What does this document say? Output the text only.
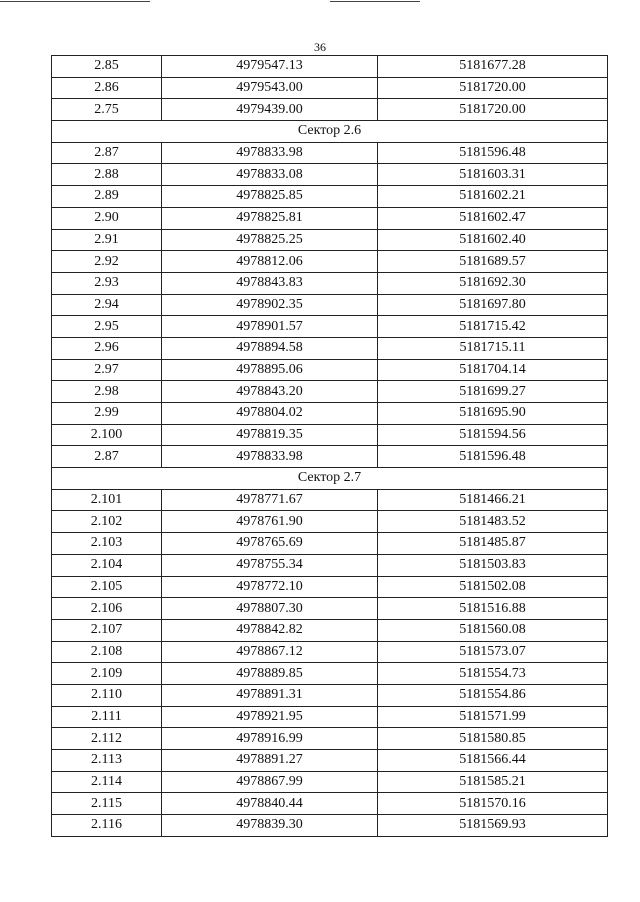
36
2.85	4979547.13	5181677.28
2.86	4979543.00	5181720.00
2.75	4979439.00	5181720.00
Сектор 2.6		
2.87	4978833.98	5181596.48
2.88	4978833.08	5181603.31
2.89	4978825.85	5181602.21
2.90	4978825.81	5181602.47
2.91	4978825.25	5181602.40
2.92	4978812.06	5181689.57
2.93	4978843.83	5181692.30
2.94	4978902.35	5181697.80
2.95	4978901.57	5181715.42
2.96	4978894.58	5181715.11
2.97	4978895.06	5181704.14
2.98	4978843.20	5181699.27
2.99	4978804.02	5181695.90
2.100	4978819.35	5181594.56
2.87	4978833.98	5181596.48
Сектор 2.7		
2.101	4978771.67	5181466.21
2.102	4978761.90	5181483.52
2.103	4978765.69	5181485.87
2.104	4978755.34	5181503.83
2.105	4978772.10	5181502.08
2.106	4978807.30	5181516.88
2.107	4978842.82	5181560.08
2.108	4978867.12	5181573.07
2.109	4978889.85	5181554.73
2.110	4978891.31	5181554.86
2.111	4978921.95	5181571.99
2.112	4978916.99	5181580.85
2.113	4978891.27	5181566.44
2.114	4978867.99	5181585.21
2.115	4978840.44	5181570.16
2.116	4978839.30	5181569.93
